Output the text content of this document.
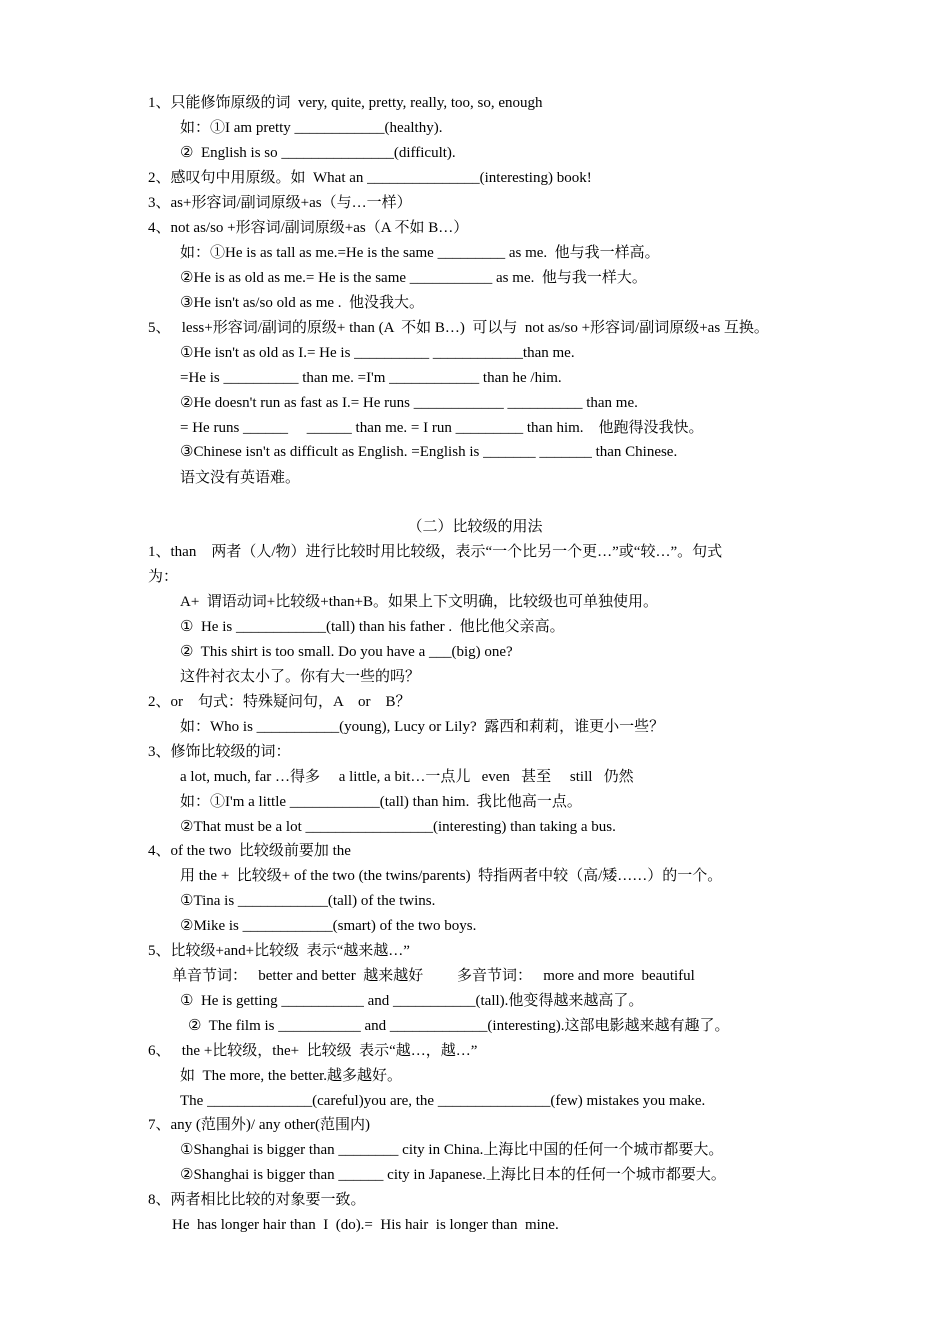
1、只能修饰原级的词  very, quite, pretty, really, too, so, enough
如：①I am pretty ____________(healthy).
②  English is so _______________(difficult).
2、感叹句中用原级。如  What an _______________(interesting) book!
3、as+形容词/副词原级+as（与…一样）
4、not as/so +形容词/副词原级+as（A 不如 B…）
如：①He is as tall as me.=He is the same _________ as me.  他与我一样高。
②He is as old as me.= He is the same ___________ as me.  他与我一样大。
③He isn't as/so old as me .  他没我大。
5、   less+形容词/副词的原级+ than (A  不如 B…)  可以与  not as/so +形容词/副词原级+as 互换。
①He isn't as old as I.= He is __________ ____________than me.
=He is __________ than me. =I'm ____________ than he /him.
②He doesn't run as fast as I.= He runs ____________ __________ than me.
= He runs ______     ______ than me. = I run _________ than him.    他跑得没我快。
③Chinese isn't as difficult as English. =English is _______ _______ than Chinese.
语文没有英语难。
（二）比较级的用法
1、than    两者（人/物）进行比较时用比较级，表示“一个比另一个更…”或“较…”。句式
为：
A+  谓语动词+比较级+than+B。如果上下文明确，比较级也可单独使用。
①  He is ____________(tall) than his father .  他比他父亲高。
②  This shirt is too small. Do you have a ___(big) one?
这件衬衣太小了。你有大一些的吗？
2、or    句式：特殊疑问句，A    or    B？
如：Who is ___________(young), Lucy or Lily?  露西和莉莉，谁更小一些？
3、修饰比较级的词：
a lot, much, far …得多     a little, a bit…一点儿   even   甚至     still   仍然
如：①I'm a little ____________(tall) than him.  我比他高一点。
②That must be a lot _________________(interesting) than taking a bus.
4、of the two  比较级前要加 the
用 the +  比较级+ of the two (the twins/parents)  特指两者中较（高/矮……）的一个。
①Tina is ____________(tall) of the twins.
②Mike is ____________(smart) of the two boys.
5、比较级+and+比较级  表示“越来越…”
单音节词：   better and better  越来越好         多音节词：   more and more  beautiful
①  He is getting ___________ and ___________(tall).他变得越来越高了。
②  The film is ___________ and _____________(interesting).这部电影越来越有趣了。
6、   the +比较级，the+  比较级  表示“越…，越…”
如  The more, the better.越多越好。
The ______________(careful)you are, the _______________(few) mistakes you make.
7、any (范围外)/ any other(范围内)
①Shanghai is bigger than ________ city in China.上海比中国的任何一个城市都要大。
②Shanghai is bigger than ______ city in Japanese.上海比日本的任何一个城市都要大。
8、两者相比比较的对象要一致。
He  has longer hair than  I  (do).=  His hair  is longer than  mine.
